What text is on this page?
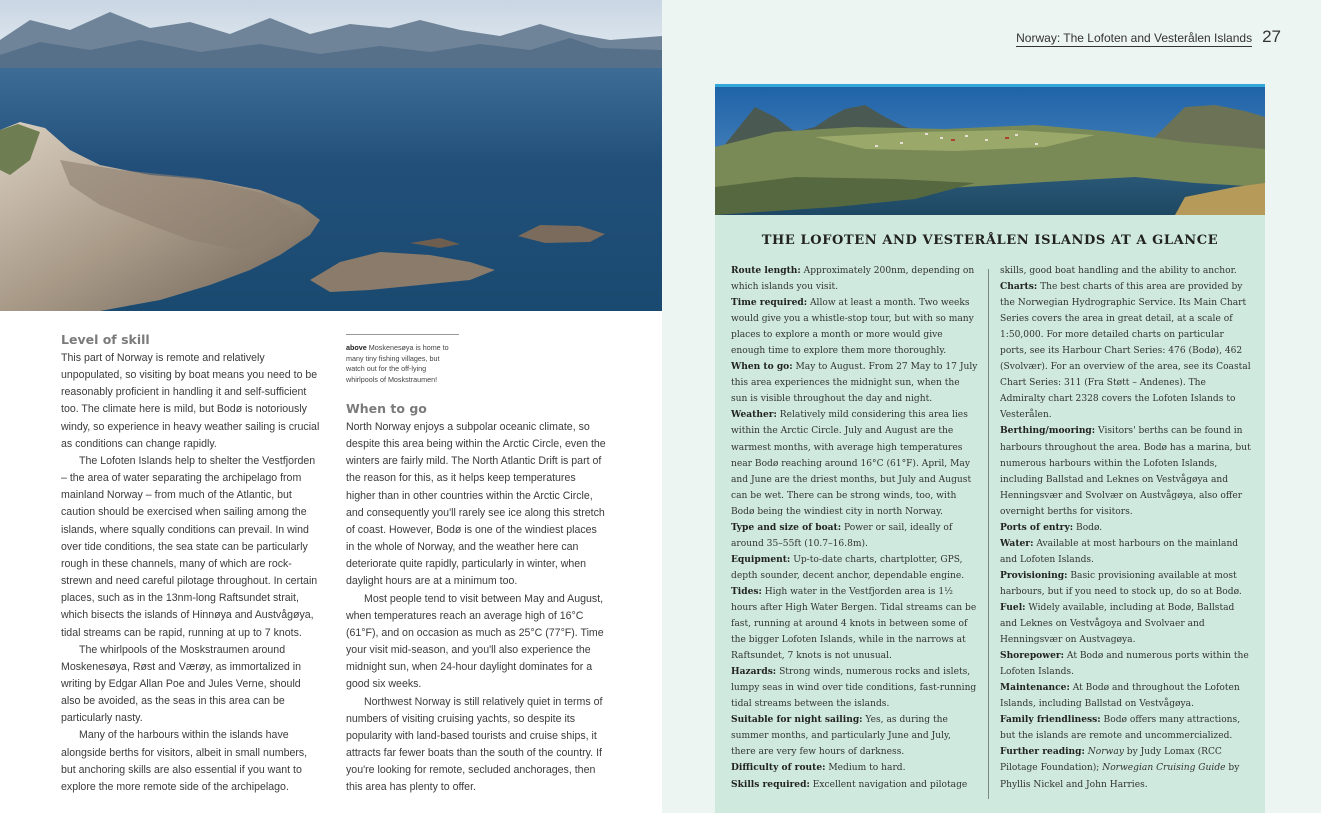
Level of skill

This part of Norway is remote and relatively unpopulated, so visiting by boat means you need to be reasonably proficient in handling it and self-sufficient too. The climate here is mild, but Bodø is notoriously windy, so experience in heavy weather sailing is crucial as conditions can change rapidly.

The Lofoten Islands help to shelter the Vestfjorden – the area of water separating the archipelago from mainland Norway – from much of the Atlantic, but caution should be exercised when sailing among the islands, where squally conditions can prevail. In wind over tide conditions, the sea state can be particularly rough in these channels, many of which are rock-strewn and need careful pilotage throughout. In certain places, such as in the 13nm-long Raftsundet strait, which bisects the islands of Hinnøya and Austvågøya, tidal streams can be rapid, running at up to 7 knots.

The whirlpools of the Moskstraumen around Moskenesøya, Røst and Værøy, as immortalized in writing by Edgar Allan Poe and Jules Verne, should also be avoided, as the seas in this area can be particularly nasty.

Many of the harbours within the islands have alongside berths for visitors, albeit in small numbers, but anchoring skills are also essential if you want to explore the more remote side of the archipelago.

above Moskenesøya is home to many tiny fishing villages, but watch out for the off-lying whirlpools of Moskstraumen!
When to go

North Norway enjoys a subpolar oceanic climate, so despite this area being within the Arctic Circle, even the winters are fairly mild. The North Atlantic Drift is part of the reason for this, as it helps keep temperatures higher than in other countries within the Arctic Circle, and consequently you'll rarely see ice along this stretch of coast. However, Bodø is one of the windiest places in the whole of Norway, and the weather here can deteriorate quite rapidly, particularly in winter, when daylight hours are at a minimum too.

Most people tend to visit between May and August, when temperatures reach an average high of 16°C (61°F), and on occasion as much as 25°C (77°F). Time your visit mid-season, and you'll also experience the midnight sun, when 24-hour daylight dominates for a good six weeks.

Northwest Norway is still relatively quiet in terms of numbers of visiting cruising yachts, so despite its popularity with land-based tourists and cruise ships, it attracts far fewer boats than the south of the country. If you're looking for remote, secluded anchorages, then this area has plenty to offer.

Norway: The Lofoten and Vesterålen Islands 27
THE LOFOTEN AND VESTERÅLEN ISLANDS AT A GLANCE

Route length: Approximately 200nm, depending on which islands you visit.

Time required: Allow at least a month. Two weeks would give you a whistle-stop tour, but with so many places to explore a month or more would give enough time to explore them more thoroughly.

When to go: May to August. From 27 May to 17 July this area experiences the midnight sun, when the sun is visible throughout the day and night.

Weather: Relatively mild considering this area lies within the Arctic Circle. July and August are the warmest months, with average high temperatures near Bodø reaching around 16°C (61°F). April, May and June are the driest months, but July and August can be wet. There can be strong winds, too, with Bodø being the windiest city in north Norway.

Type and size of boat: Power or sail, ideally of around 35–55ft (10.7–16.8m).

Equipment: Up-to-date charts, chartplotter, GPS, depth sounder, decent anchor, dependable engine.

Tides: High water in the Vestfjorden area is 1½ hours after High Water Bergen. Tidal streams can be fast, running at around 4 knots in between some of the bigger Lofoten Islands, while in the narrows at Raftsundet, 7 knots is not unusual.

Hazards: Strong winds, numerous rocks and islets, lumpy seas in wind over tide conditions, fast-running tidal streams between the islands.

Suitable for night sailing: Yes, as during the summer months, and particularly June and July, there are very few hours of darkness.

Difficulty of route: Medium to hard.

Skills required: Excellent navigation and pilotage

skills, good boat handling and the ability to anchor.

Charts: The best charts of this area are provided by the Norwegian Hydrographic Service. Its Main Chart Series covers the area in great detail, at a scale of 1:50,000. For more detailed charts on particular ports, see its Harbour Chart Series: 476 (Bodø), 462 (Svolvær). For an overview of the area, see its Coastal Chart Series: 311 (Fra Støtt – Andenes). The Admiralty chart 2328 covers the Lofoten Islands to Vesterålen.

Berthing/mooring: Visitors' berths can be found in harbours throughout the area. Bodø has a marina, but numerous harbours within the Lofoten Islands, including Ballstad and Leknes on Vestvågøya and Henningsvær and Svolvær on Austvågøya, also offer overnight berths for visitors.

Ports of entry: Bodø.

Water: Available at most harbours on the mainland and Lofoten Islands.

Provisioning: Basic provisioning available at most harbours, but if you need to stock up, do so at Bodø.

Fuel: Widely available, including at Bodø, Ballstad and Leknes on Vestvågoya and Svolvaer and Henningsvær on Austvagøya.

Shorepower: At Bodø and numerous ports within the Lofoten Islands.

Maintenance: At Bodø and throughout the Lofoten Islands, including Ballstad on Vestvågøya.

Family friendliness: Bodø offers many attractions, but the islands are remote and uncommercialized.

Further reading: Norway by Judy Lomax (RCC Pilotage Foundation); Norwegian Cruising Guide by Phyllis Nickel and John Harries.
